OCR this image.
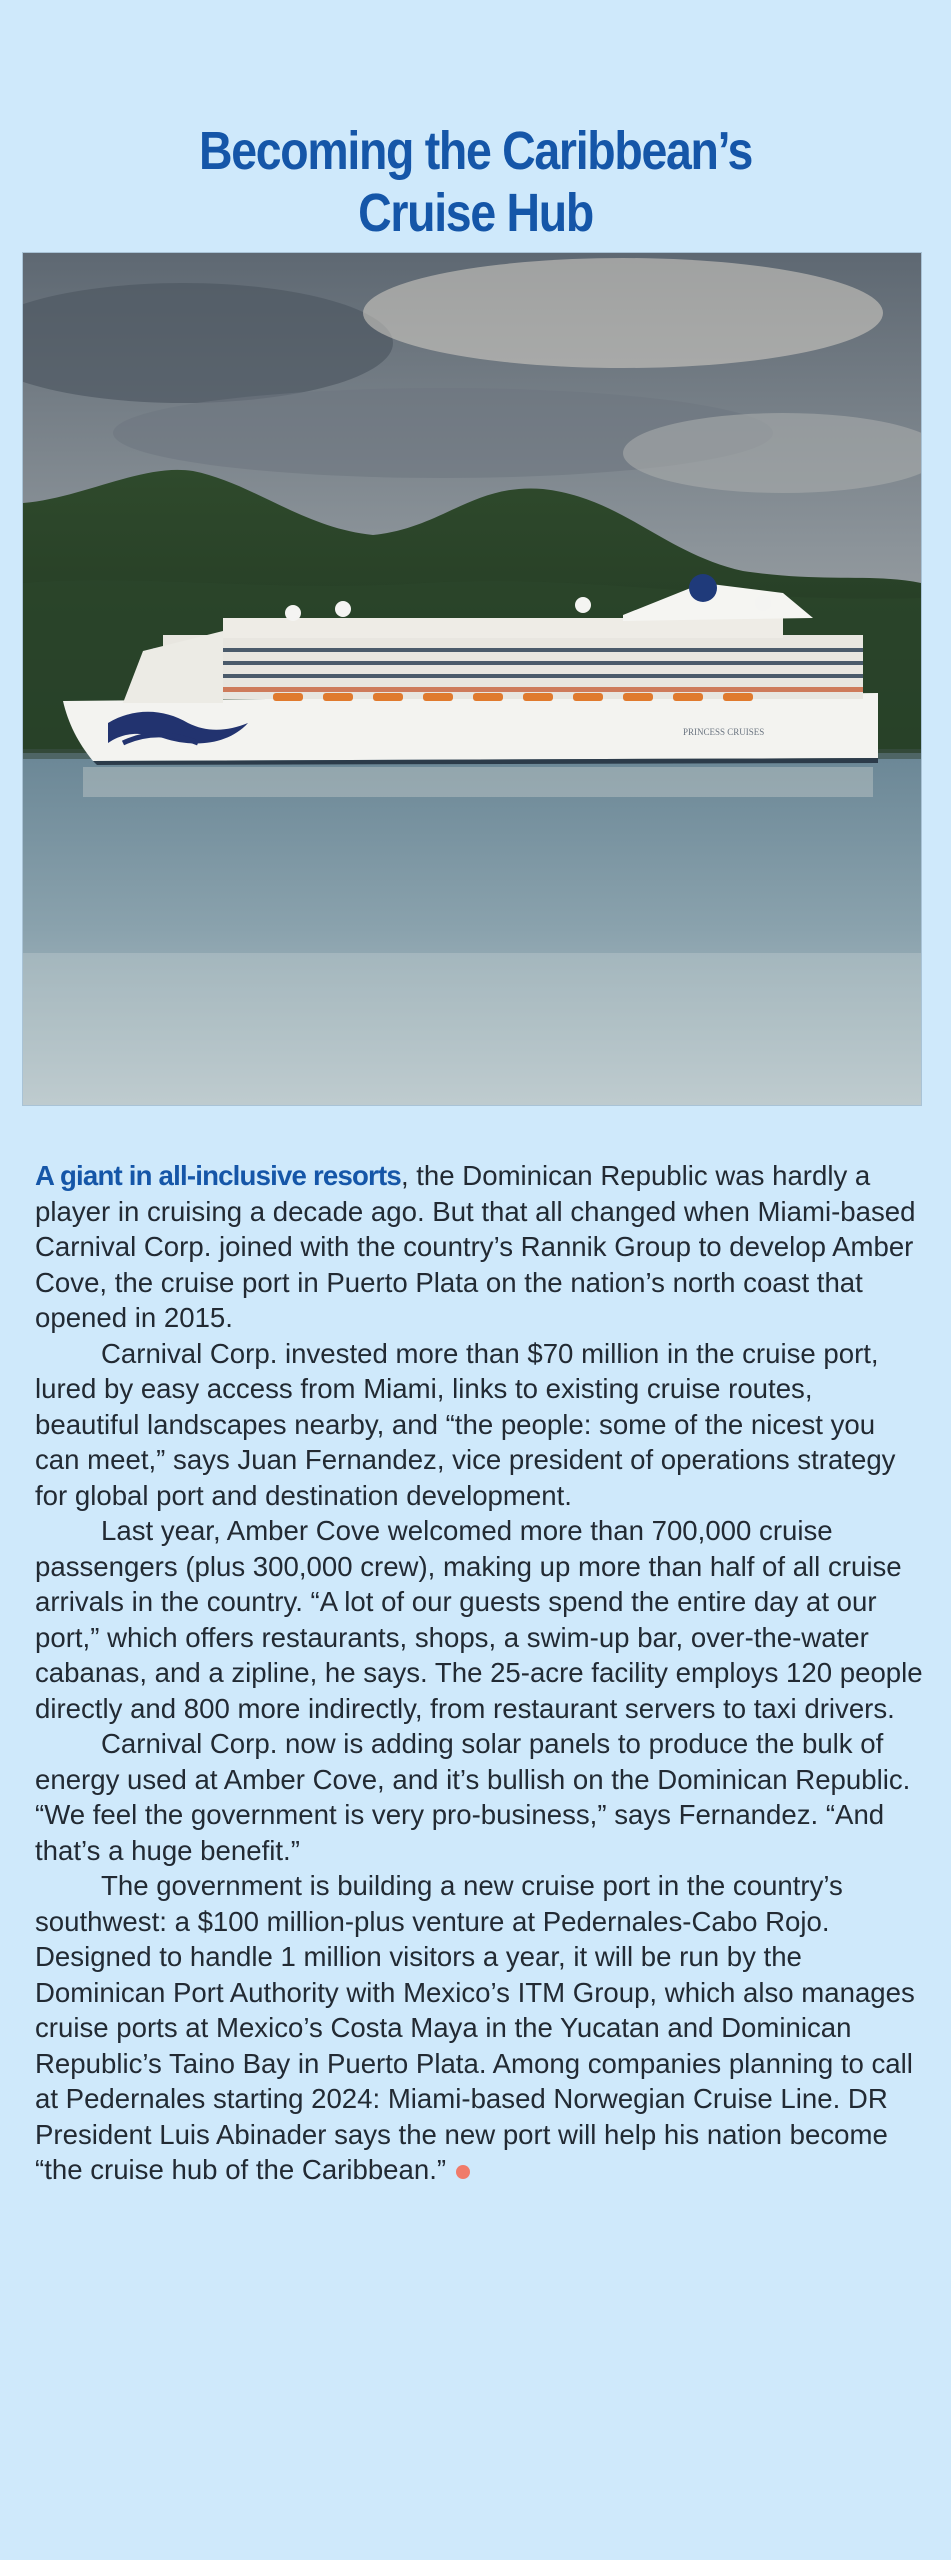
Becoming the Caribbean’s
Cruise Hub
PRINCESS CRUISES

A giant in all-inclusive resorts, the Dominican Republic was hardly a player in cruising a decade ago. But that all changed when Miami-based Carnival Corp. joined with the country’s Rannik Group to develop Amber Cove, the cruise port in Puerto Plata on the nation’s north coast that opened in 2015.

Carnival Corp. invested more than $70 million in the cruise port, lured by easy access from Miami, links to existing cruise routes, beautiful landscapes nearby, and “the people: some of the nicest you can meet,” says Juan Fernandez, vice president of operations strategy for global port and destination development.

Last year, Amber Cove welcomed more than 700,000 cruise passengers (plus 300,000 crew), making up more than half of all cruise arrivals in the country. “A lot of our guests spend the entire day at our port,” which offers restaurants, shops, a swim-up bar, over-the-water cabanas, and a zipline, he says. The 25-acre facility employs 120 people directly and 800 more indirectly, from restaurant servers to taxi drivers.

Carnival Corp. now is adding solar panels to produce the bulk of energy used at Amber Cove, and it’s bullish on the Dominican Republic. “We feel the government is very pro-business,” says Fernandez. “And that’s a huge benefit.”

The government is building a new cruise port in the country’s southwest: a $100 million-plus venture at Pedernales-Cabo Rojo. Designed to handle 1 million visitors a year, it will be run by the Dominican Port Authority with Mexico’s ITM Group, which also manages cruise ports at Mexico’s Costa Maya in the Yucatan and Dominican Republic’s Taino Bay in Puerto Plata. Among companies planning to call at Pedernales starting 2024: Miami-based Norwegian Cruise Line. DR President Luis Abinader says the new port will help his nation become “the cruise hub of the Caribbean.”
